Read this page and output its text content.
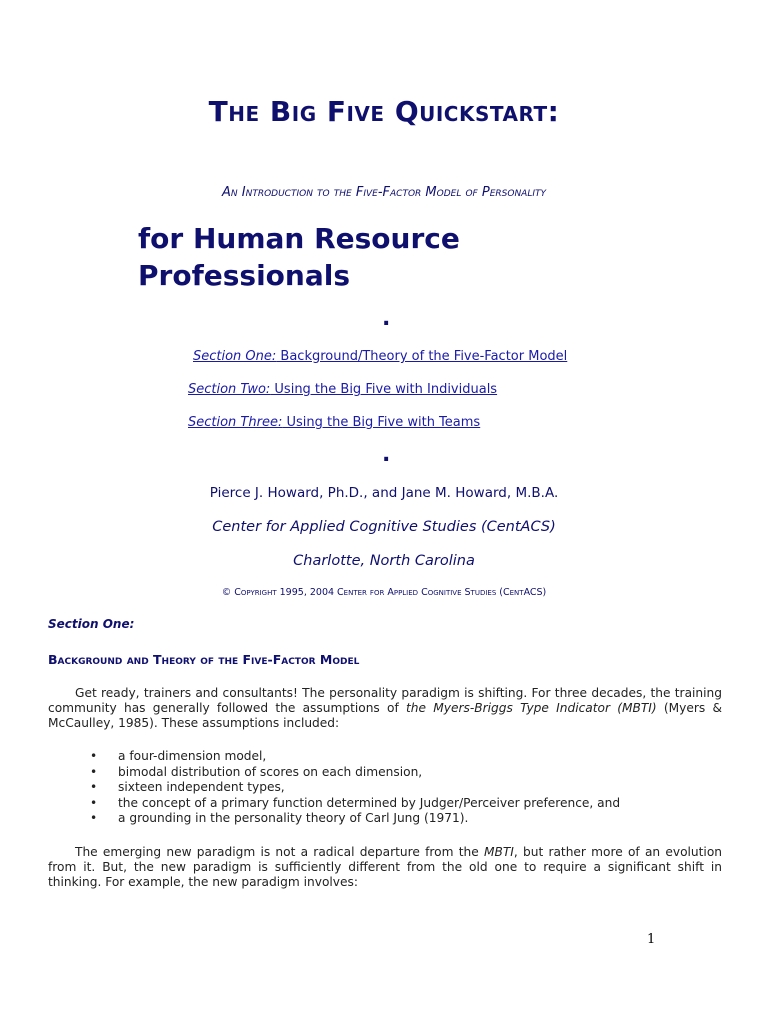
The Big Five Quickstart:
An Introduction to the Five-Factor Model of Personality
for Human Resource
Professionals
.
Section One: Background/Theory of the Five-Factor Model
Section Two: Using the Big Five with Individuals
Section Three: Using the Big Five with Teams
.
Pierce J. Howard, Ph.D., and Jane M. Howard, M.B.A.
Center for Applied Cognitive Studies (CentACS)
Charlotte, North Carolina
© Copyright 1995, 2004 Center for Applied Cognitive Studies (CentACS)
Section One:
Background and Theory of the Five-Factor Model
Get ready, trainers and consultants! The personality paradigm is shifting. For three decades, the training community has generally followed the assumptions of the Myers-Briggs Type Indicator (MBTI) (Myers & McCaulley, 1985). These assumptions included:
• a four-dimension model,
• bimodal distribution of scores on each dimension,
• sixteen independent types,
• the concept of a primary function determined by Judger/Perceiver preference, and
• a grounding in the personality theory of Carl Jung (1971).
The emerging new paradigm is not a radical departure from the MBTI, but rather more of an evolution from it. But, the new paradigm is sufficiently different from the old one to require a significant shift in thinking. For example, the new paradigm involves:
1
